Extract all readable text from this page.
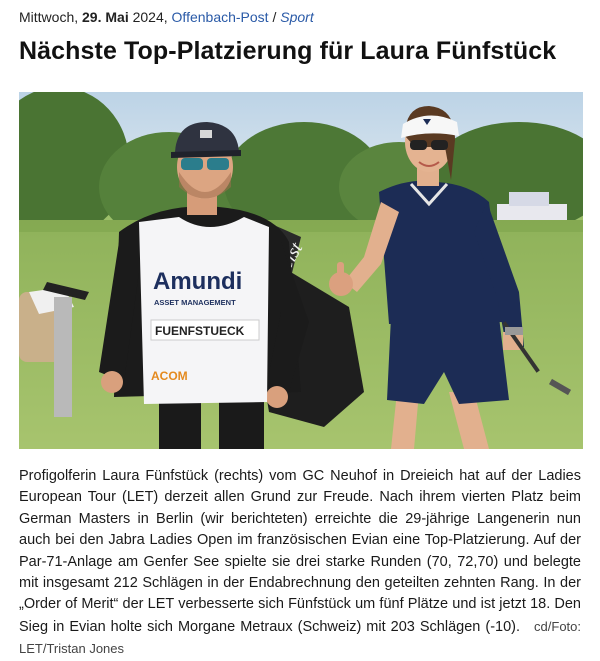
Mittwoch, 29. Mai 2024, Offenbach-Post / Sport
Nächste Top-Platzierung für Laura Fünfstück
Amundi
ASSET MANAGEMENT
FUENFSTUECK
ACOM

Profigolferin Laura Fünfstück (rechts) vom GC Neuhof in Dreieich hat auf der Ladies European Tour (LET) derzeit allen Grund zur Freude. Nach ihrem vierten Platz beim German Masters in Berlin (wir berichteten) erreichte die 29-jährige Langenerin nun auch bei den Jabra Ladies Open im französischen Evian eine Top-Platzierung. Auf der Par-71-Anlage am Genfer See spielte sie drei starke Runden (70, 72,70) und belegte mit insgesamt 212 Schlägen in der Endabrechnung den geteilten zehnten Rang. In der „Order of Merit“ der LET verbesserte sich Fünfstück um fünf Plätze und ist jetzt 18. Den Sieg in Evian holte sich Morgane Metraux (Schweiz) mit 203 Schlägen (-10). cd/Foto: LET/Tristan Jones
